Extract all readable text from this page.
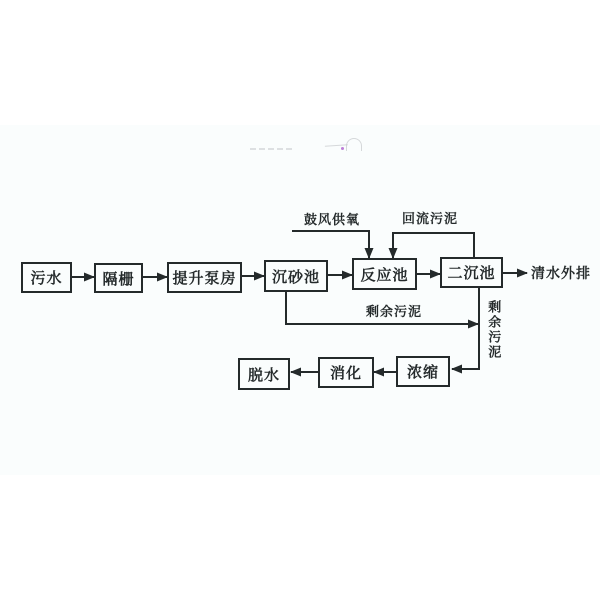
污水	隔栅	提升泵房	沉砂池	反应池	二沉池
浓缩
消化
脱水
清水外排
鼓风供氧	回流污泥
剩余污泥	剩余污泥
